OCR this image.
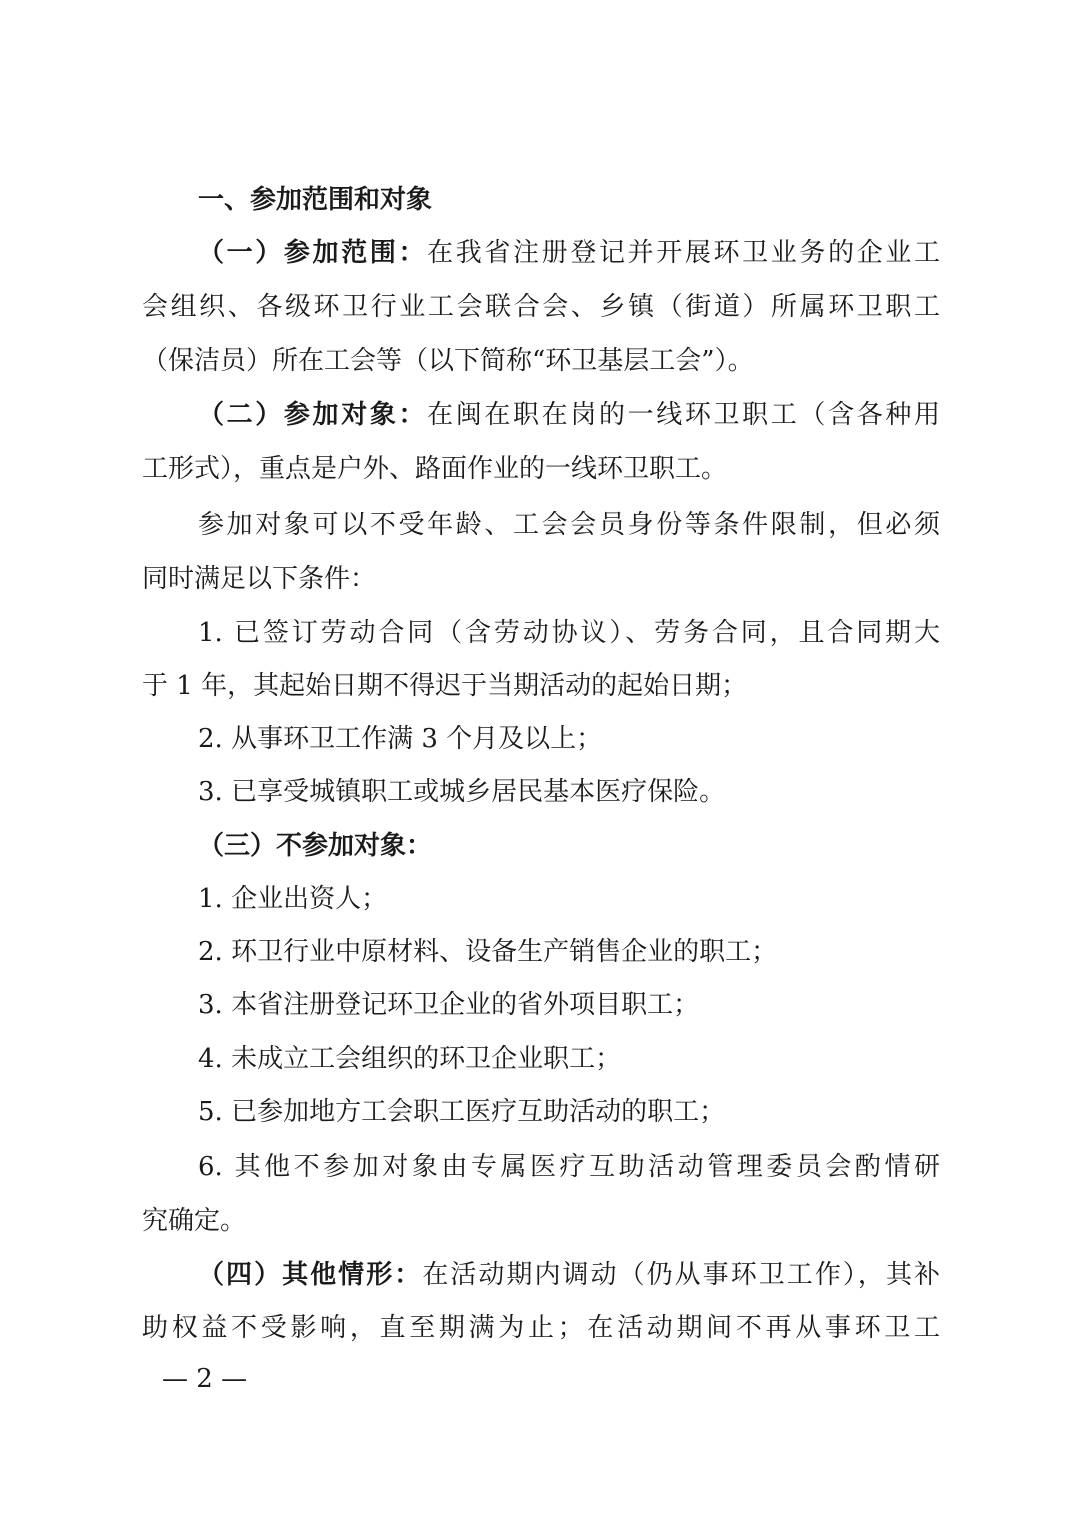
一、参加范围和对象
（一）参加范围：在我省注册登记并开展环卫业务的企业工
会组织、各级环卫行业工会联合会、乡镇（街道）所属环卫职工
（保洁员）所在工会等（以下简称“环卫基层工会”）。
（二）参加对象：在闽在职在岗的一线环卫职工（含各种用
工形式），重点是户外、路面作业的一线环卫职工。
参加对象可以不受年龄、工会会员身份等条件限制，但必须
同时满足以下条件：
1. 已签订劳动合同（含劳动协议）、劳务合同，且合同期大
于 1 年，其起始日期不得迟于当期活动的起始日期；
2. 从事环卫工作满 3 个月及以上；
3. 已享受城镇职工或城乡居民基本医疗保险。
（三）不参加对象：
1. 企业出资人；
2. 环卫行业中原材料、设备生产销售企业的职工；
3. 本省注册登记环卫企业的省外项目职工；
4. 未成立工会组织的环卫企业职工；
5. 已参加地方工会职工医疗互助活动的职工；
6. 其他不参加对象由专属医疗互助活动管理委员会酌情研
究确定。
（四）其他情形：在活动期内调动（仍从事环卫工作），其补
助权益不受影响，直至期满为止；在活动期间不再从事环卫工
— 2 —
